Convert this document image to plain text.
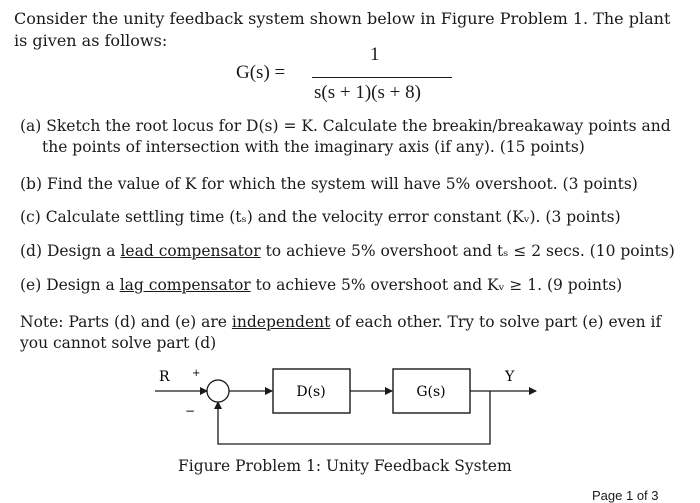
Consider the unity feedback system shown below in Figure Problem 1. The plant is given as follows:
G(s) =
1
s(s + 1)(s + 8)
(a) Sketch the root locus for D(s) = K. Calculate the breakin/breakaway points and
the points of intersection with the imaginary axis (if any). (15 points)
(b) Find the value of K for which the system will have 5% overshoot. (3 points)
(c) Calculate settling time (tₛ) and the velocity error constant (Kᵥ). (3 points)
(d) Design a lead compensator to achieve 5% overshoot and tₛ ≤ 2 secs. (10 points)
(e) Design a lag compensator to achieve 5% overshoot and Kᵥ ≥ 1. (9 points)
Note: Parts (d) and (e) are independent of each other. Try to solve part (e) even if you cannot solve part (d)
R +
−
D(s)	G(s)
Y
Figure Problem 1: Unity Feedback System
Page 1 of 3
